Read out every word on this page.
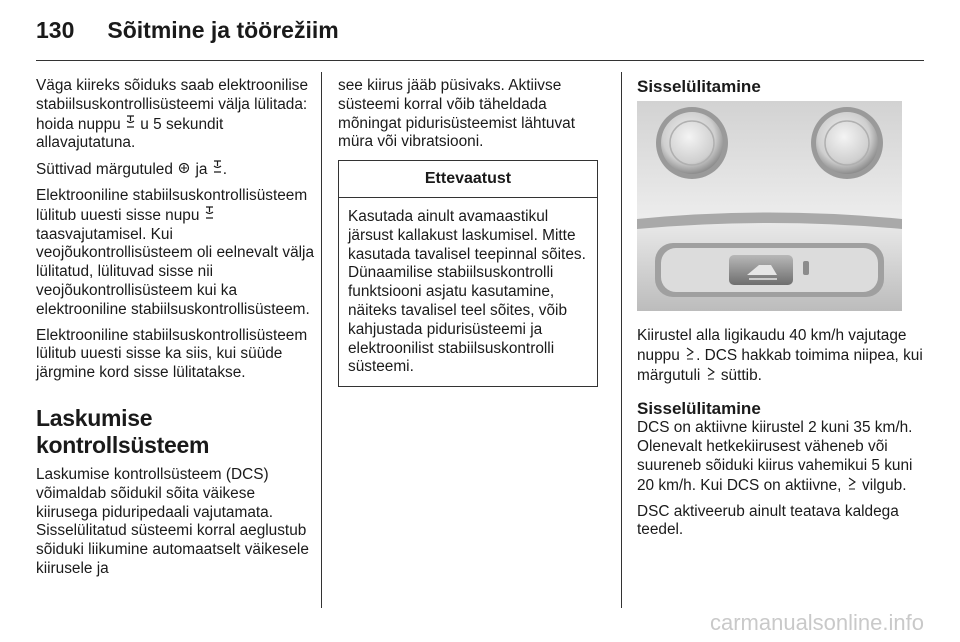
130 Sõitmine ja töörežiim

Väga kiireks sõiduks saab elektroonilise stabiilsuskontrollisüsteemi välja lülitada: hoida nuppu  u 5 sekundit allavajutatuna.

Süttivad märgutuled  ja .

Elektrooniline stabiilsuskontrollisüsteem lülitub uuesti sisse nupu  taasvajutamisel. Kui veojõukontrollisüsteem oli eelnevalt välja lülitatud, lülituvad sisse nii veojõukontrollisüsteem kui ka elektrooniline stabiilsuskontrollisüsteem.

Elektrooniline stabiilsuskontrollisüsteem lülitub uuesti sisse ka siis, kui süüde järgmine kord sisse lülitatakse.

Laskumise kontrollsüsteem

Laskumise kontrollsüsteem (DCS) võimaldab sõidukil sõita väikese kiirusega piduripedaali vajutamata. Sisselülitatud süsteemi korral aeglustub sõiduki liikumine automaatselt väikesele kiirusele ja

see kiirus jääb püsivaks. Aktiivse süsteemi korral võib täheldada mõningat pidurisüsteemist lähtuvat müra või vibratsiooni.

Ettevaatust
Kasutada ainult avamaastikul järsust kallakust laskumisel. Mitte kasutada tavalisel teepinnal sõites. Dünaamilise stabiilsuskontrolli funktsiooni asjatu kasutamine, näiteks tavalisel teel sõites, võib kahjustada pidurisüsteemi ja elektroonilist stabiilsuskontrolli süsteemi.
Sisselülitamine

Kiirustel alla ligikaudu 40 km/h vajutage nuppu . DCS hakkab toimima niipea, kui märgutuli  süttib.

Sisselülitamine

DCS on aktiivne kiirustel 2 kuni 35 km/h. Olenevalt hetkekiirusest väheneb või suureneb sõiduki kiirus vahemikui 5 kuni 20 km/h. Kui DCS on aktiivne,  vilgub.

DSC aktiveerub ainult teatava kaldega teedel.

carmanualsonline.info
